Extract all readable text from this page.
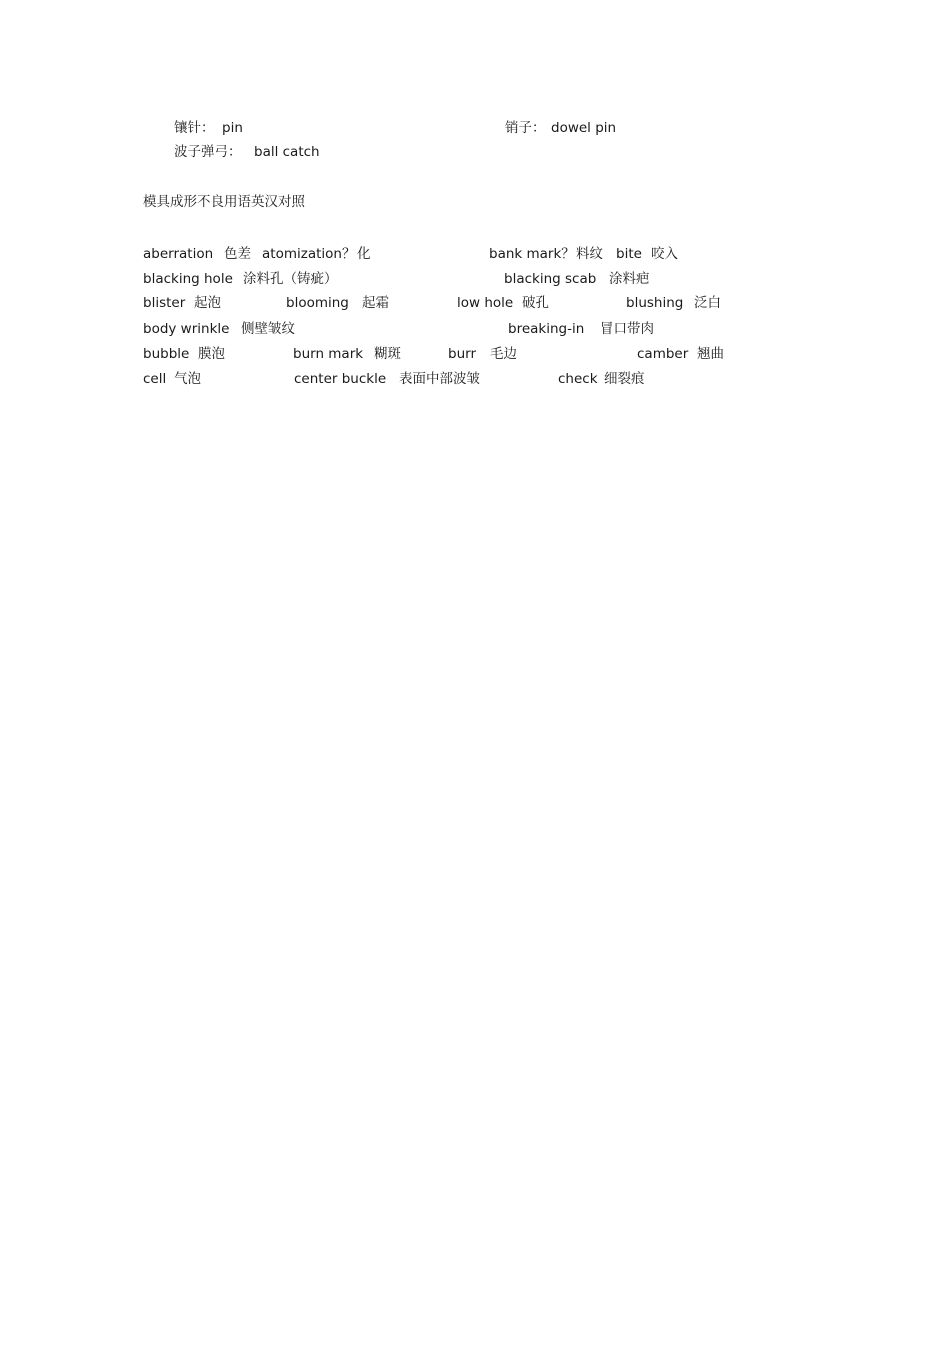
镶针： pin	销子： dowel pin
波子弹弓： ball catch
模具成形不良用语英汉对照
aberration 色差 atomization？ 化	bank mark？ 料纹 bite 咬入
blacking hole 涂料孔（铸疵）	blacking scab 涂料疤
blister 起泡	blooming 起霜	low hole 破孔	blushing 泛白
body wrinkle 侧壁皱纹	breaking-in 冒口带肉
bubble 膜泡	burn mark 糊斑	burr 毛边	camber 翘曲
cell 气泡	center buckle 表面中部波皱	check 细裂痕
